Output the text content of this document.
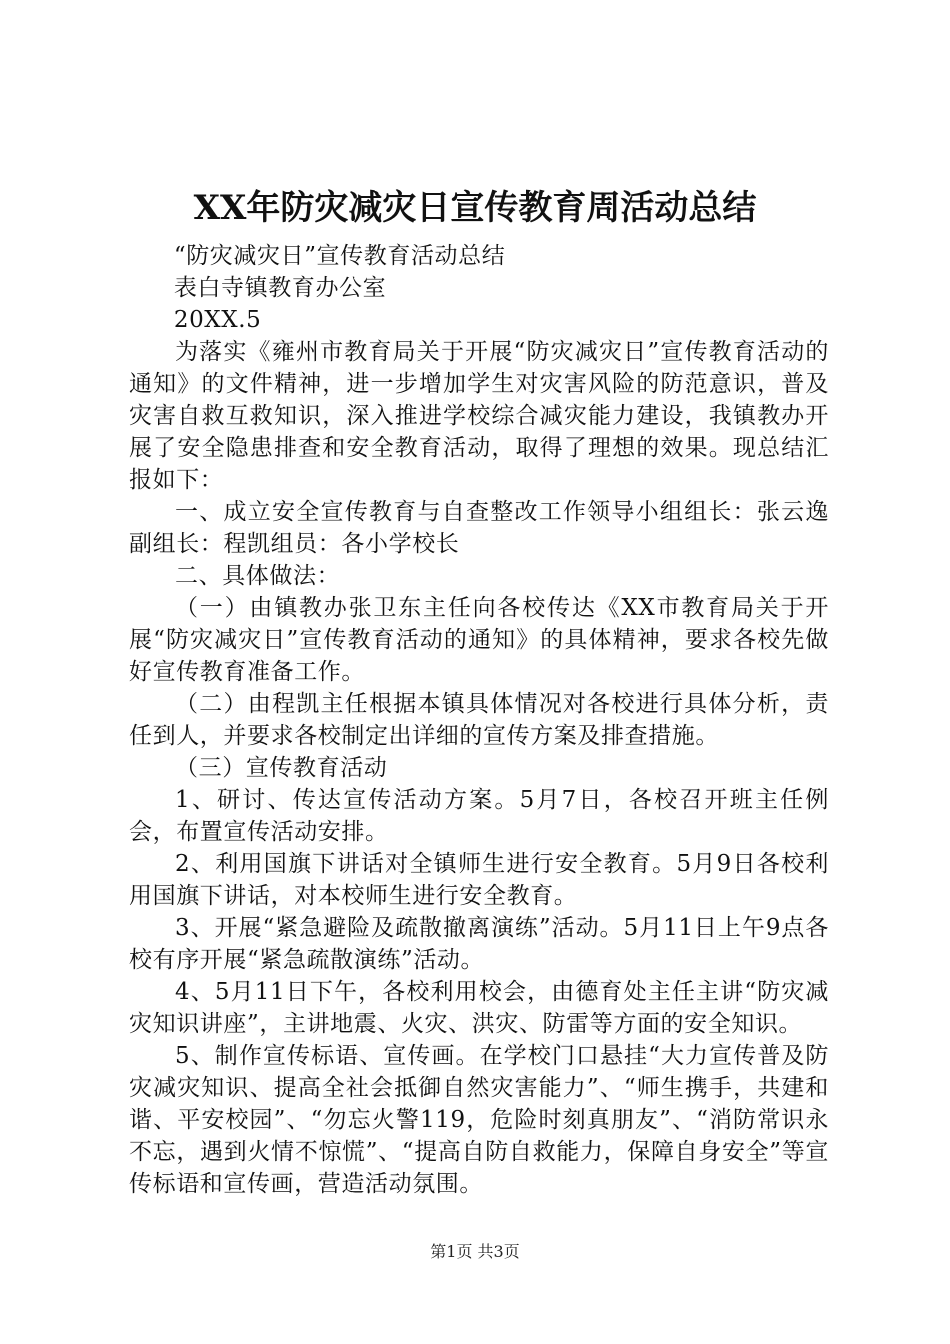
XX年防灾减灾日宣传教育周活动总结

“防灾减灾日”宣传教育活动总结

表白寺镇教育办公室

20XX.5

为落实《雍州市教育局关于开展“防灾减灾日”宣传教育活动的通知》的文件精神，进一步增加学生对灾害风险的防范意识，普及灾害自救互救知识，深入推进学校综合减灾能力建设，我镇教办开展了安全隐患排查和安全教育活动，取得了理想的效果。现总结汇报如下：

一、成立安全宣传教育与自查整改工作领导小组组长：张云逸副组长：程凯组员：各小学校长

二、具体做法：

（一）由镇教办张卫东主任向各校传达《XX市教育局关于开展“防灾减灾日”宣传教育活动的通知》的具体精神，要求各校先做好宣传教育准备工作。

（二）由程凯主任根据本镇具体情况对各校进行具体分析，责任到人，并要求各校制定出详细的宣传方案及排查措施。

（三）宣传教育活动

1、研讨、传达宣传活动方案。5月7日，各校召开班主任例会，布置宣传活动安排。

2、利用国旗下讲话对全镇师生进行安全教育。5月9日各校利用国旗下讲话，对本校师生进行安全教育。

3、开展“紧急避险及疏散撤离演练”活动。5月11日上午9点各校有序开展“紧急疏散演练”活动。

4、5月11日下午，各校利用校会，由德育处主任主讲“防灾减灾知识讲座”，主讲地震、火灾、洪灾、防雷等方面的安全知识。

5、制作宣传标语、宣传画。在学校门口悬挂“大力宣传普及防灾减灾知识、提高全社会抵御自然灾害能力”、“师生携手，共建和谐、平安校园”、“勿忘火警119，危险时刻真朋友”、“消防常识永不忘，遇到火情不惊慌”、“提高自防自救能力，保障自身安全”等宣传标语和宣传画，营造活动氛围。

第1页 共3页
